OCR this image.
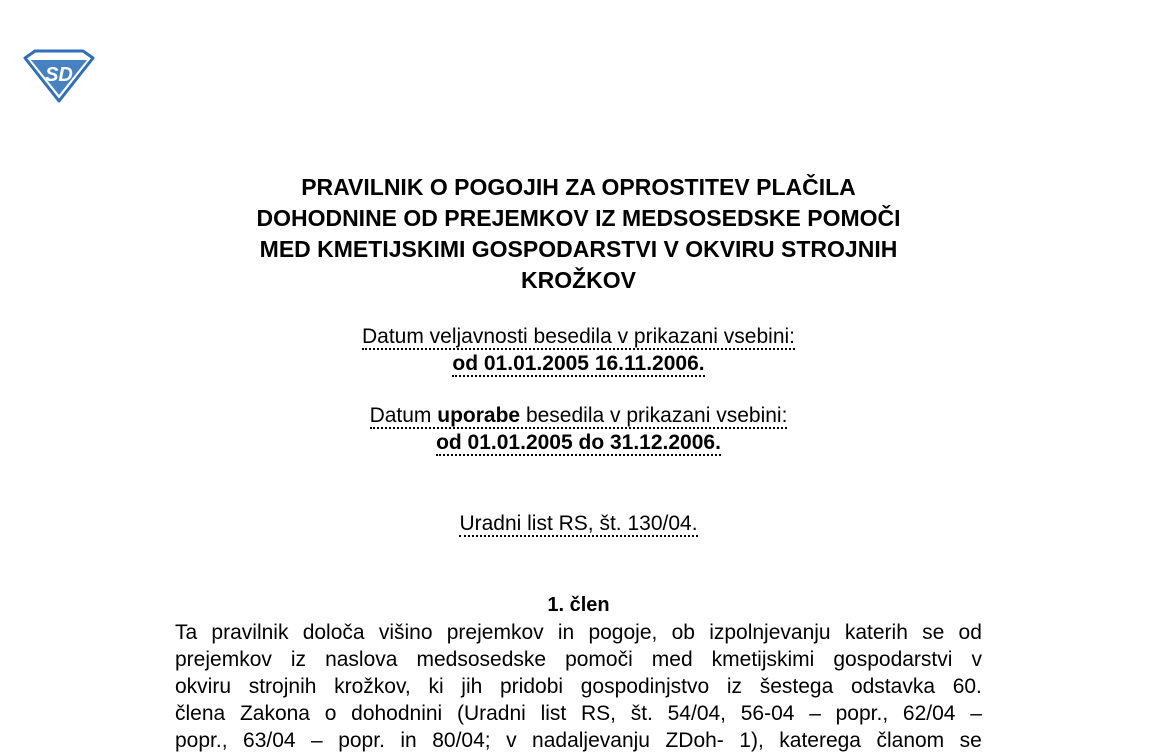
SD
PRAVILNIK O POGOJIH ZA OPROSTITEV PLAČILA
DOHODNINE OD PREJEMKOV IZ MEDSOSEDSKE POMOČI
MED KMETIJSKIMI GOSPODARSTVI V OKVIRU STROJNIH
KROŽKOV
Datum veljavnosti besedila v prikazani vsebini:
od 01.01.2005 16.11.2006.
Datum uporabe besedila v prikazani vsebini:
od 01.01.2005 do 31.12.2006.
Uradni list RS, št. 130/04.
1. člen
Ta pravilnik določa višino prejemkov in pogoje, ob izpolnjevanju katerih se od
prejemkov iz naslova medsosedske pomoči med kmetijskimi gospodarstvi v
okviru strojnih krožkov, ki jih pridobi gospodinjstvo iz šestega odstavka 60.
člena Zakona o dohodnini (Uradni list RS, št. 54/04, 56-04 – popr., 62/04 –
popr., 63/04 – popr. in 80/04; v nadaljevanju ZDoh- 1), katerega članom se
